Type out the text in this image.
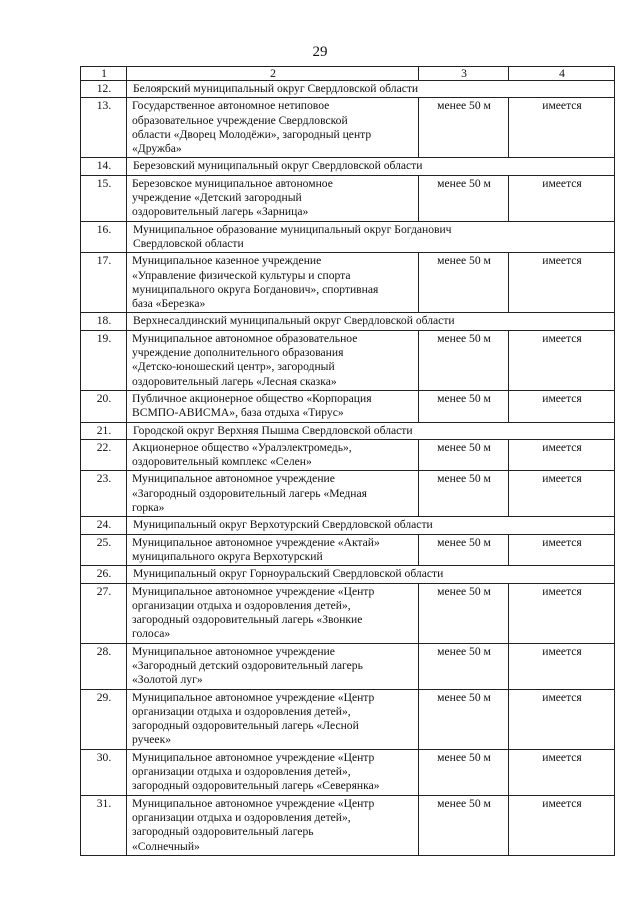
29
1	2	3	4
12.	Белоярский муниципальный округ Свердловской области		
13.	Государственное автономное нетиповое
образовательное учреждение Свердловской
области «Дворец Молодёжи», загородный центр
«Дружба»	менее 50 м	имеется
14.	Березовский муниципальный округ Свердловской области		
15.	Березовское муниципальное автономное
учреждение «Детский загородный
оздоровительный лагерь «Зарница»	менее 50 м	имеется
16.	Муниципальное образование муниципальный округ Богданович
Свердловской области		

17.	Муниципальное казенное учреждение
«Управление физической культуры и спорта
муниципального округа Богданович», спортивная
база «Березка»	менее 50 м	имеется
18.	Верхнесалдинский муниципальный округ Свердловской области		
19.	Муниципальное автономное образовательное
учреждение дополнительного образования
«Детско-юношеский центр», загородный
оздоровительный лагерь «Лесная сказка»	менее 50 м	имеется
20.	Публичное акционерное общество «Корпорация
ВСМПО-АВИСМА», база отдыха «Тирус»	менее 50 м	имеется
21.	Городской округ Верхняя Пышма Свердловской области		
22.	Акционерное общество «Уралэлектромедь»,
оздоровительный комплекс «Селен»	менее 50 м	имеется
23.	Муниципальное автономное учреждение
«Загородный оздоровительный лагерь «Медная
горка»	менее 50 м	имеется
24.	Муниципальный округ Верхотурский Свердловской области		
25.	Муниципальное автономное учреждение «Актай»
муниципального округа Верхотурский	менее 50 м	имеется
26.	Муниципальный округ Горноуральский Свердловской области		
27.	Муниципальное автономное учреждение «Центр
организации отдыха и оздоровления детей»,
загородный оздоровительный лагерь «Звонкие
голоса»	менее 50 м	имеется
28.	Муниципальное автономное учреждение
«Загородный детский оздоровительный лагерь
«Золотой луг»	менее 50 м	имеется
29.	Муниципальное автономное учреждение «Центр
организации отдыха и оздоровления детей»,
загородный оздоровительный лагерь «Лесной
ручеек»	менее 50 м	имеется
30.	Муниципальное автономное учреждение «Центр
организации отдыха и оздоровления детей»,
загородный оздоровительный лагерь «Северянка»	менее 50 м	имеется
31.	Муниципальное автономное учреждение «Центр
организации отдыха и оздоровления детей»,
загородный оздоровительный лагерь
«Солнечный»	менее 50 м	имеется
